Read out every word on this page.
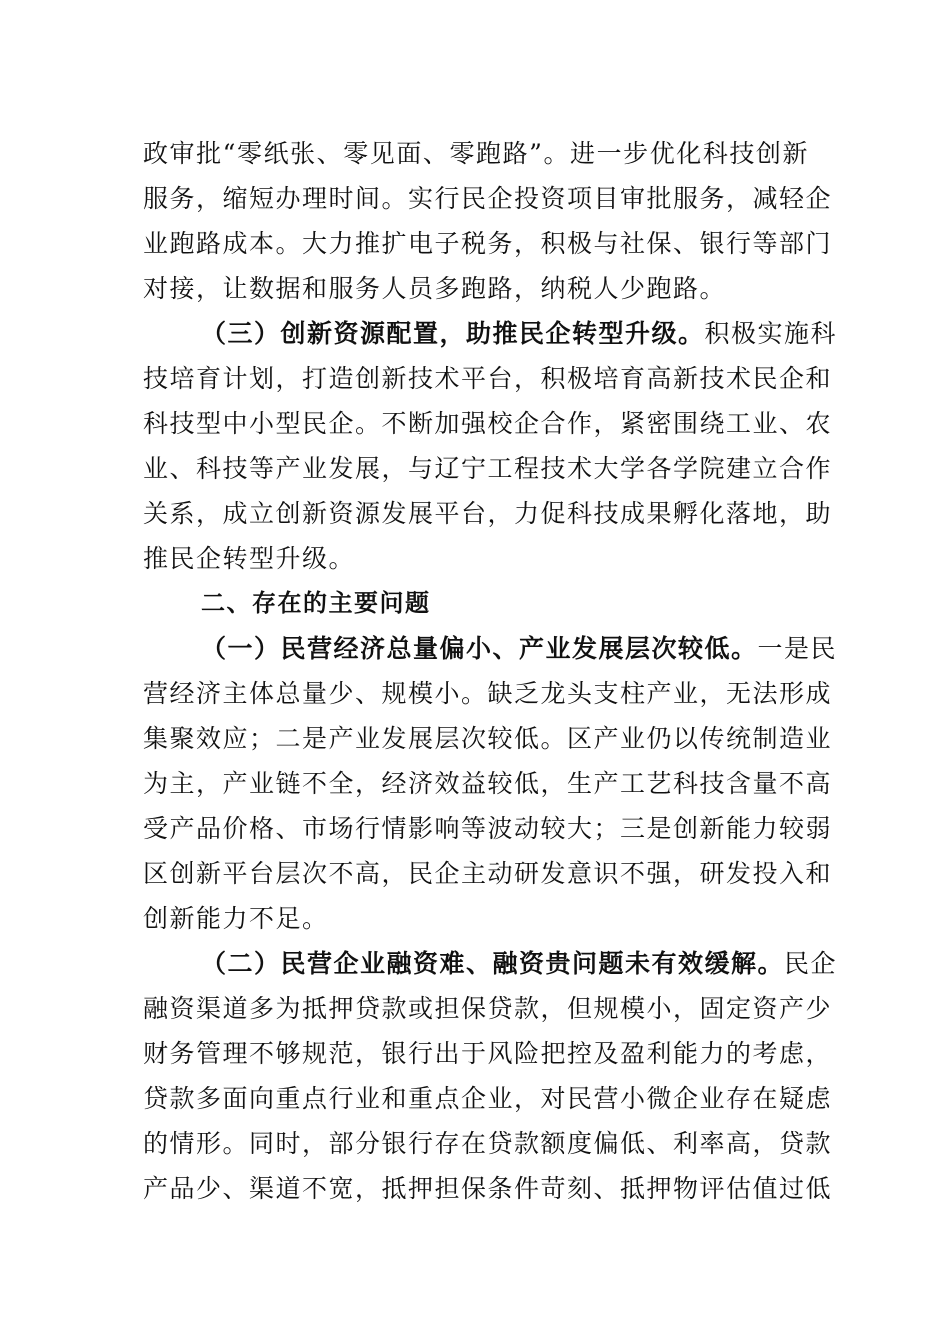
政审批“零纸张、零见面、零跑路”。进一步优化科技创新
服务，缩短办理时间。实行民企投资项目审批服务，减轻企
业跑路成本。大力推扩电子税务，积极与社保、银行等部门
对接，让数据和服务人员多跑路，纳税人少跑路。
（三）创新资源配置，助推民企转型升级。积极实施科
技培育计划，打造创新技术平台，积极培育高新技术民企和
科技型中小型民企。不断加强校企合作，紧密围绕工业、农
业、科技等产业发展，与辽宁工程技术大学各学院建立合作
关系，成立创新资源发展平台，力促科技成果孵化落地，助
推民企转型升级。
二、存在的主要问题
（一）民营经济总量偏小、产业发展层次较低。一是民
营经济主体总量少、规模小。缺乏龙头支柱产业，无法形成
集聚效应；二是产业发展层次较低。区产业仍以传统制造业
为主，产业链不全，经济效益较低，生产工艺科技含量不高
受产品价格、市场行情影响等波动较大；三是创新能力较弱
区创新平台层次不高，民企主动研发意识不强，研发投入和
创新能力不足。
（二）民营企业融资难、融资贵问题未有效缓解。民企
融资渠道多为抵押贷款或担保贷款，但规模小，固定资产少
财务管理不够规范，银行出于风险把控及盈利能力的考虑，
贷款多面向重点行业和重点企业，对民营小微企业存在疑虑
的情形。同时，部分银行存在贷款额度偏低、利率高，贷款
产品少、渠道不宽，抵押担保条件苛刻、抵押物评估值过低
